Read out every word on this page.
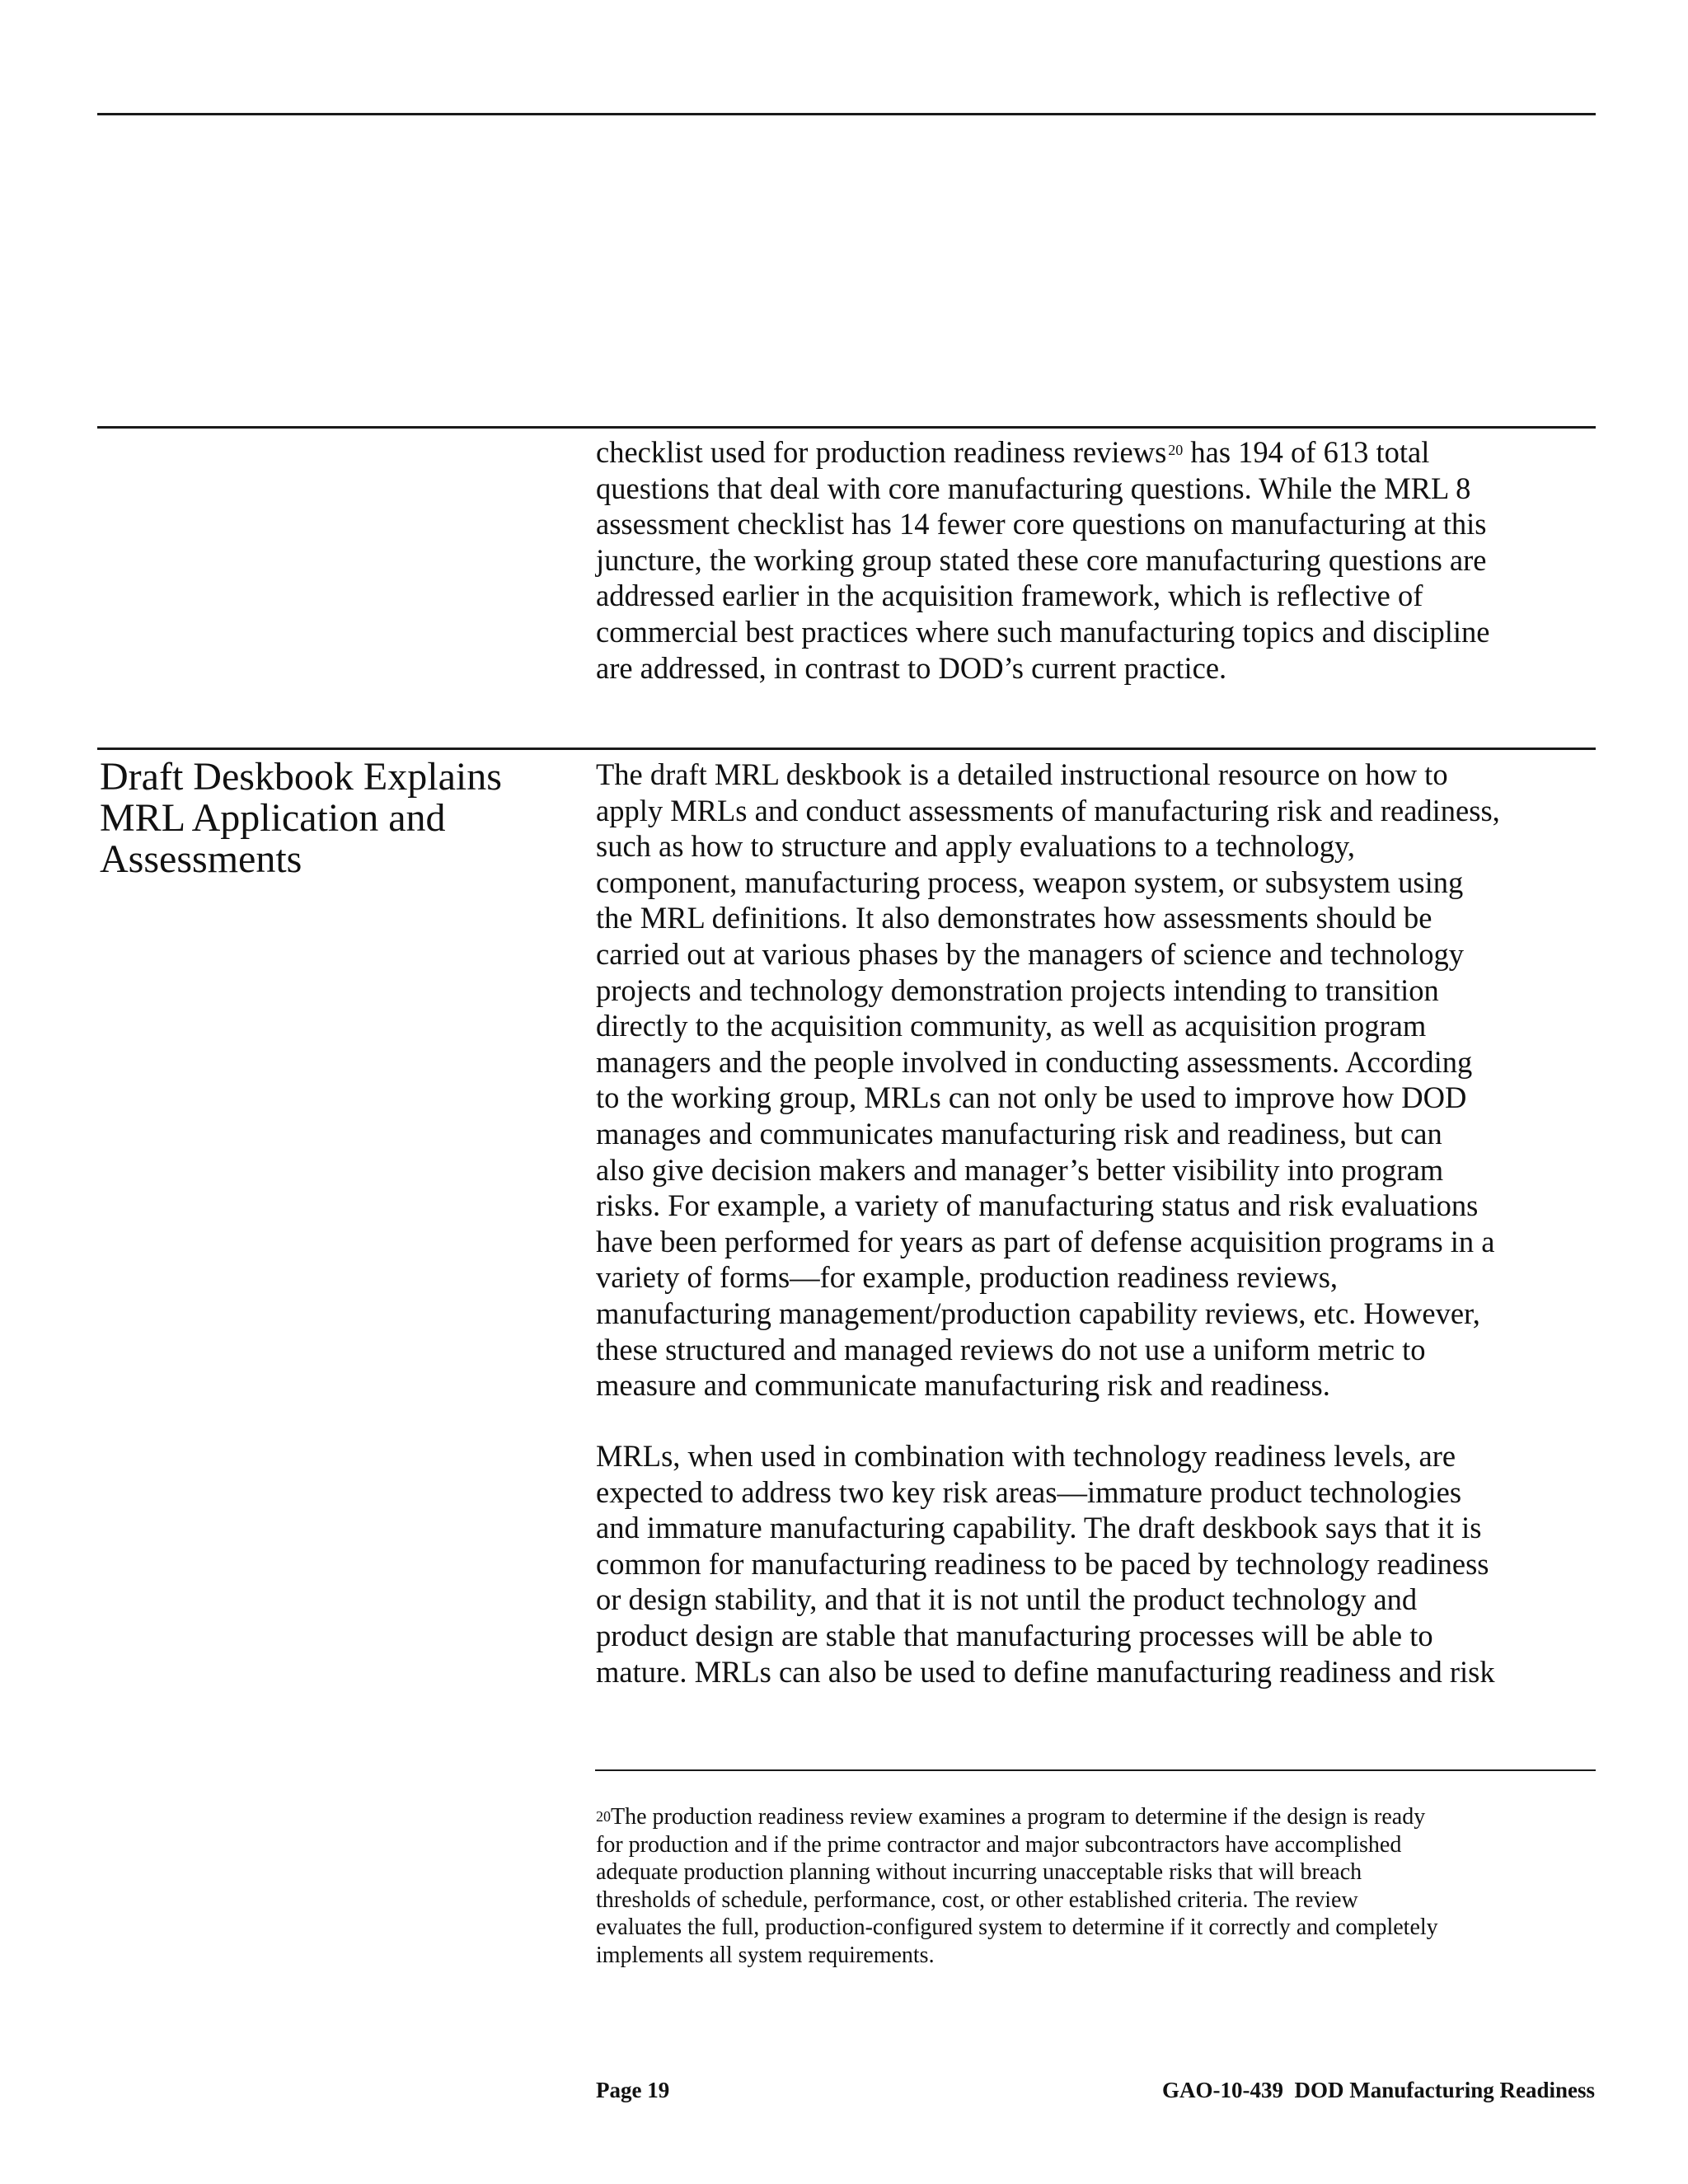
checklist used for production readiness reviews $^{20}$ has 194 of 613 total

questions that deal with core manufacturing questions. While the MRL 8

assessment checklist has 14 fewer core questions on manufacturing at this

juncture, the working group stated these core manufacturing questions are

addressed earlier in the acquisition framework, which is reflective of

commercial best practices where such manufacturing topics and discipline

are addressed, in contrast to DOD’s current practice.

Draft Deskbook Explains
MRL Application and
Assessments

The draft MRL deskbook is a detailed instructional resource on how to

apply MRLs and conduct assessments of manufacturing risk and readiness,

such as how to structure and apply evaluations to a technology,

component, manufacturing process, weapon system, or subsystem using

the MRL definitions. It also demonstrates how assessments should be

carried out at various phases by the managers of science and technology

projects and technology demonstration projects intending to transition

directly to the acquisition community, as well as acquisition program

managers and the people involved in conducting assessments. According

to the working group, MRLs can not only be used to improve how DOD

manages and communicates manufacturing risk and readiness, but can

also give decision makers and manager’s better visibility into program

risks. For example, a variety of manufacturing status and risk evaluations

have been performed for years as part of defense acquisition programs in a

variety of forms—for example, production readiness reviews,

manufacturing management/production capability reviews, etc. However,

these structured and managed reviews do not use a uniform metric to

measure and communicate manufacturing risk and readiness.

MRLs, when used in combination with technology readiness levels, are

expected to address two key risk areas—immature product technologies

and immature manufacturing capability. The draft deskbook says that it is

common for manufacturing readiness to be paced by technology readiness

or design stability, and that it is not until the product technology and

product design are stable that manufacturing processes will be able to

mature. MRLs can also be used to define manufacturing readiness and risk

$^{20}$The production readiness review examines a program to determine if the design is ready
for production and if the prime contractor and major subcontractors have accomplished
adequate production planning without incurring unacceptable risks that will breach
thresholds of schedule, performance, cost, or other established criteria. The review
evaluates the full, production-configured system to determine if it correctly and completely
implements all system requirements.
Page 19	GAO-10-439  DOD Manufacturing Readiness
